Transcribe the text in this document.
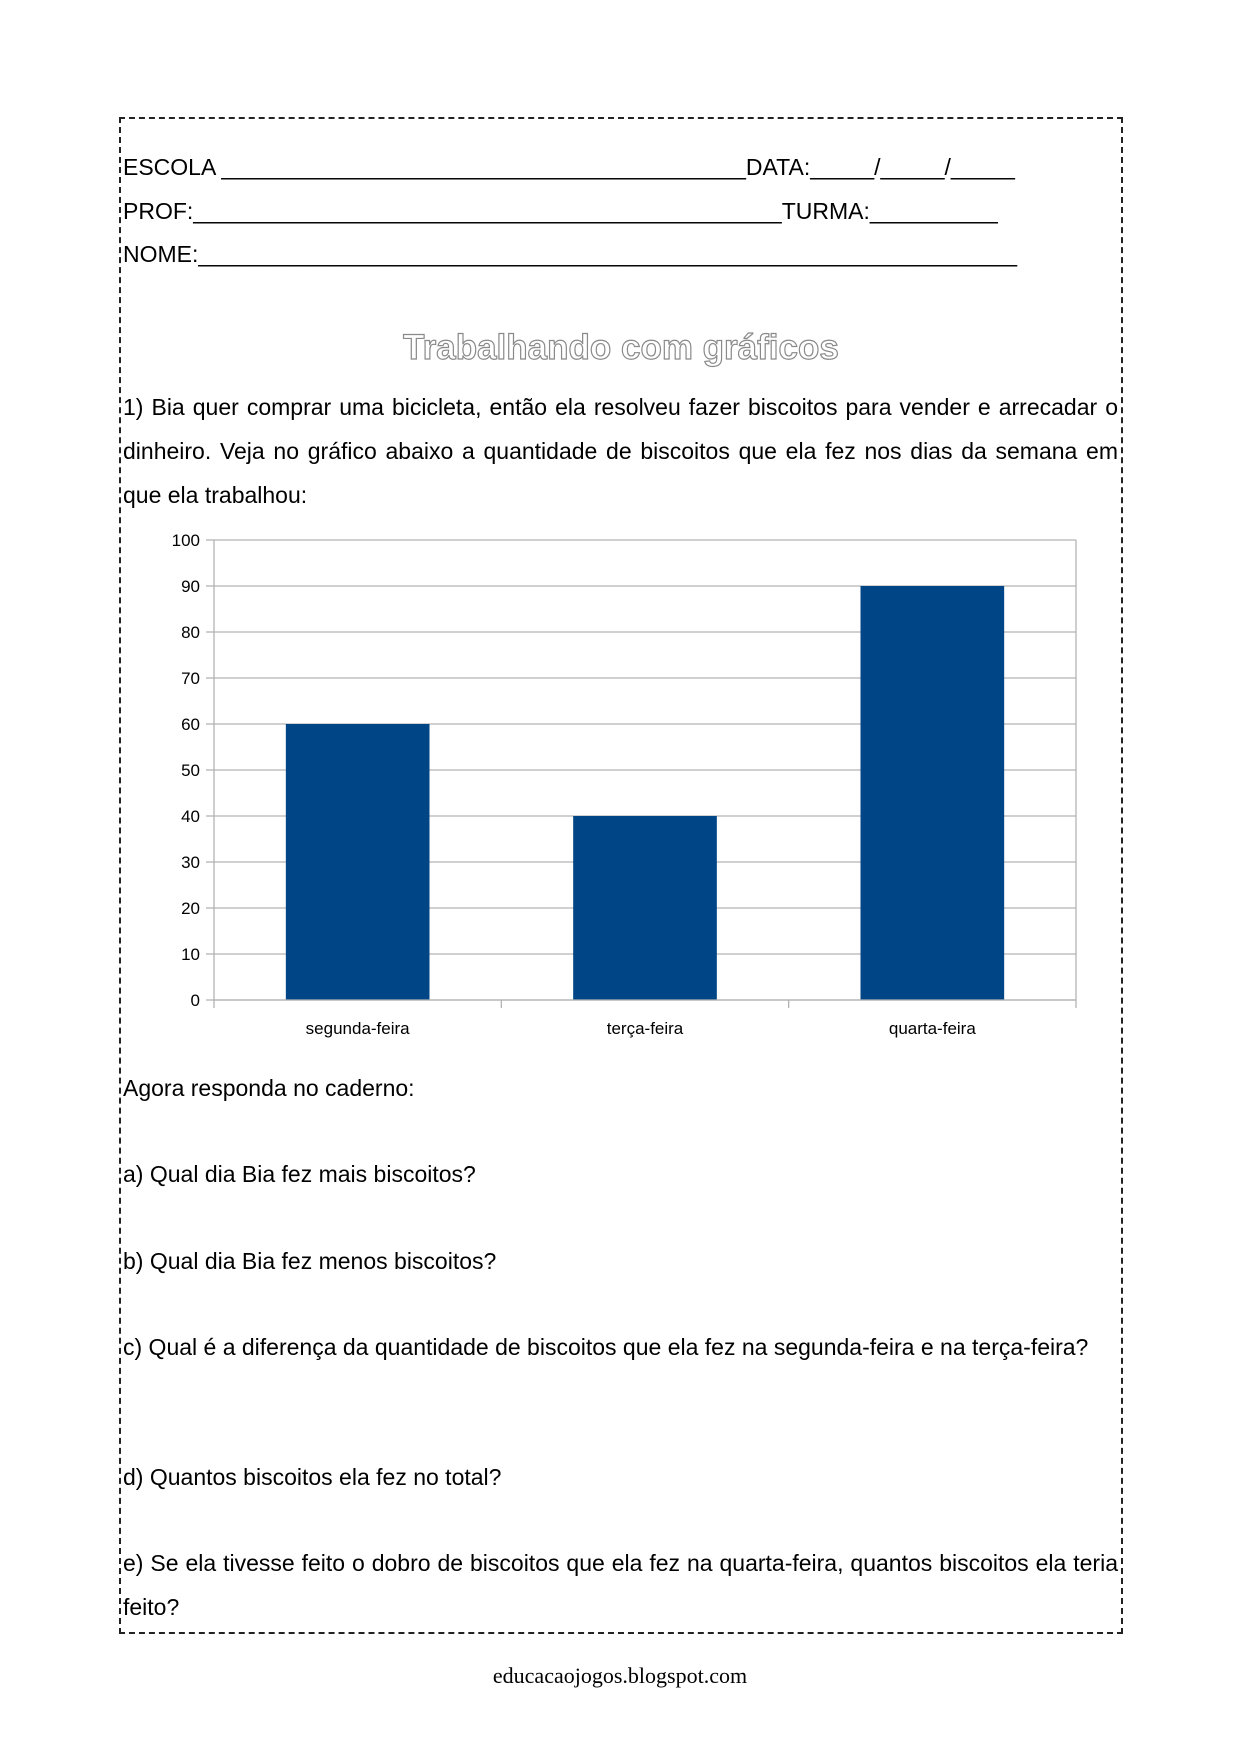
ESCOLA _________________________________________DATA:_____/_____/_____
PROF:______________________________________________TURMA:__________
NOME:________________________________________________________________
Trabalhando com gráficos

1) Bia quer comprar uma bicicleta, então ela resolveu fazer biscoitos para vender e arrecadar o dinheiro. Veja no gráfico abaixo a quantidade de biscoitos que ela fez nos dias da semana em que ela trabalhou:

0
10
20
30
40
50
60
70
80
90
100
segunda-feira	terça-feira	quarta-feira

Agora responda no caderno:

a) Qual dia Bia fez mais biscoitos?

b) Qual dia Bia fez menos biscoitos?

c) Qual é a diferença da quantidade de biscoitos que ela fez na segunda-feira e na terça-feira?

d) Quantos biscoitos ela fez no total?

e) Se ela tivesse feito o dobro de biscoitos que ela fez na quarta-feira, quantos biscoitos ela teria feito?

educacaojogos.blogspot.com
